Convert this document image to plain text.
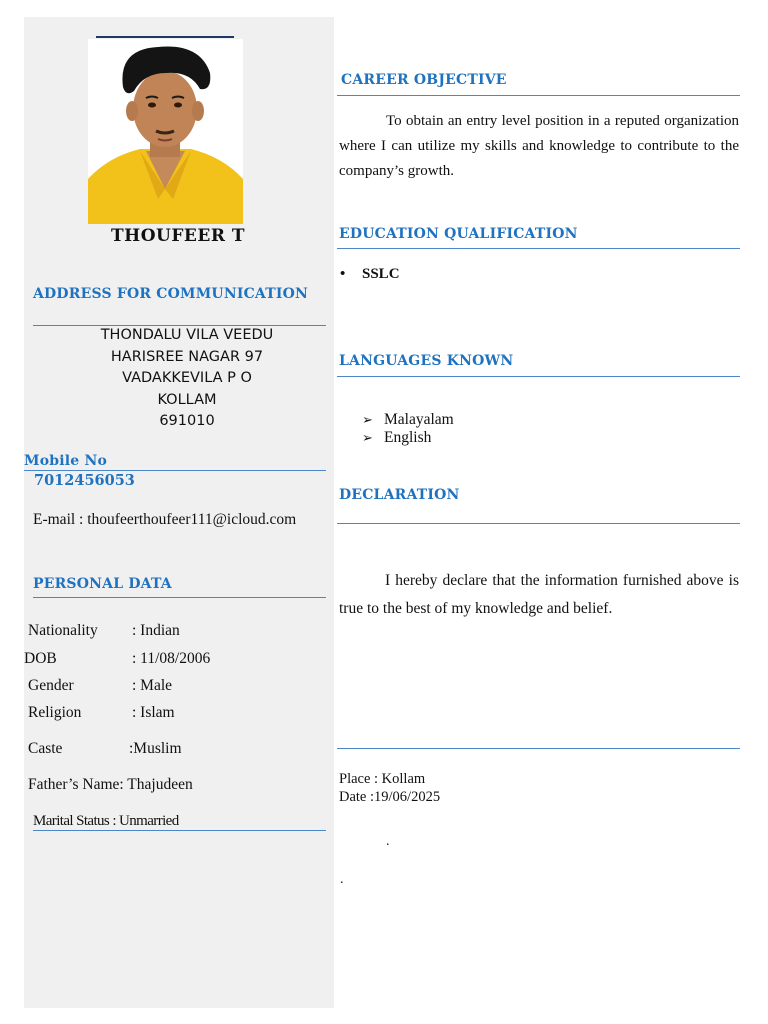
THOUFEER T
ADDRESS FOR COMMUNICATION
THONDALU VILA VEEDU
HARISREE NAGAR 97
VADAKKEVILA P O
KOLLAM
691010
Mobile No
7012456053
E-mail : thoufeerthoufeer111@icloud.com
PERSONAL DATA
Nationality : Indian
DOB	: 11/08/2006
Gender	: Male
Religion	: Islam
Caste	:Muslim
Father’s Name: Thajudeen
Marital Status : Unmarried
CAREER OBJECTIVE
To obtain an entry level position in a reputed organization where I can utilize my skills and knowledge to contribute to the company’s growth.
EDUCATION QUALIFICATION
• SSLC
LANGUAGES KNOWN
➢ Malayalam
➢ English
DECLARATION
I hereby declare that the information furnished above is true to the best of my knowledge and belief.
Place : Kollam
Date :19/06/2025
.
.
